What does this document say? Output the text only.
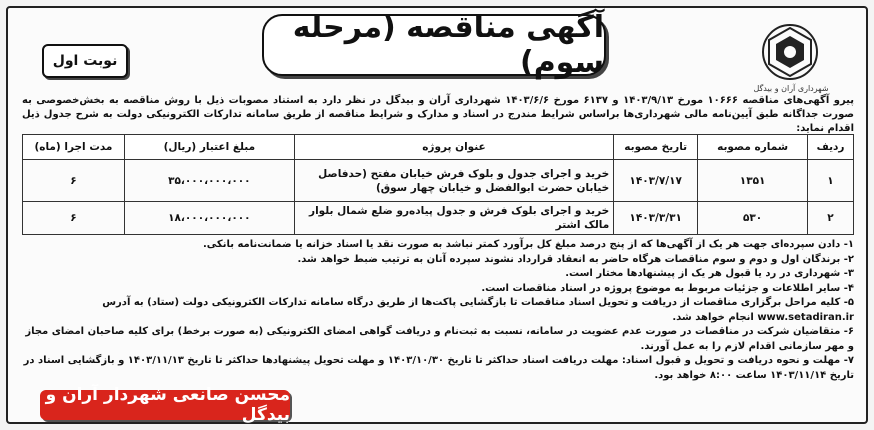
شهرداری آران و بیدگل
آگهی مناقصه (مرحله سوم)
نوبت اول
پیرو آگهی‌های مناقصه ۱۰۶۶۶ مورخ ۱۴۰۳/۹/۱۳ و ۶۱۳۷ مورخ ۱۴۰۳/۶/۶ شهرداری آران و بیدگل در نظر دارد به استناد مصوبات ذیل با روش مناقصه به بخش‌خصوصی به صورت جداگانه طبق آیین‌نامه مالی شهرداری‌ها براساس شرایط مندرج در اسناد و مدارک و شرایط مناقصه از طریق سامانه تدارکات الکترونیکی دولت به شرح جدول ذیل اقدام نماید:
ردیف	شماره مصوبه	تاریخ مصوبه	عنوان پروژه	مبلغ اعتبار (ریال)	مدت اجرا (ماه)
۱	۱۳۵۱	۱۴۰۳/۷/۱۷	خرید و اجرای جدول و بلوک فرش خیابان مفتح (حدفاصل خیابان حضرت ابوالفضل و خیابان چهار سوق)	۳۵،۰۰۰،۰۰۰،۰۰۰	۶
۲	۵۳۰	۱۴۰۳/۳/۳۱	خرید و اجرای بلوک فرش و جدول پیاده‌رو ضلع شمال بلوار مالک اشتر	۱۸،۰۰۰،۰۰۰،۰۰۰	۶
۱- دادن سپرده‌ای جهت هر یک از آگهی‌ها که از پنج درصد مبلغ کل برآورد کمتر نباشد به صورت نقد یا اسناد خزانه یا ضمانت‌نامه بانکی.
۲- برندگان اول و دوم و سوم مناقصات هرگاه حاضر به انعقاد قرارداد نشوند سپرده آنان به ترتیب ضبط خواهد شد.
۳- شهرداری در رد یا قبول هر یک از پیشنهادها مختار است.
۴- سایر اطلاعات و جزئیات مربوط به موضوع پروژه در اسناد مناقصات است.
۵- کلیه مراحل برگزاری مناقصات از دریافت و تحویل اسناد مناقصات تا بازگشایی پاکت‌ها از طریق درگاه سامانه تدارکات الکترونیکی دولت (ستاد) به آدرس www.setadiran.ir انجام خواهد شد.
۶- متقاضیان شرکت در مناقصات در صورت عدم عضویت در سامانه، نسبت به ثبت‌نام و دریافت گواهی امضای الکترونیکی (به صورت برخط) برای کلیه صاحبان امضای مجاز و مهر سازمانی اقدام لازم را به عمل آورند.
۷- مهلت و نحوه دریافت و تحویل و قبول اسناد: مهلت دریافت اسناد حداکثر تا تاریخ ۱۴۰۳/۱۰/۳۰ و مهلت تحویل پیشنهادها حداکثر تا تاریخ ۱۴۰۳/۱۱/۱۳ و بازگشایی اسناد در تاریخ ۱۴۰۳/۱۱/۱۴ ساعت ۸:۰۰ خواهد بود.
محسن صانعی شهردار آران و بیدگل
